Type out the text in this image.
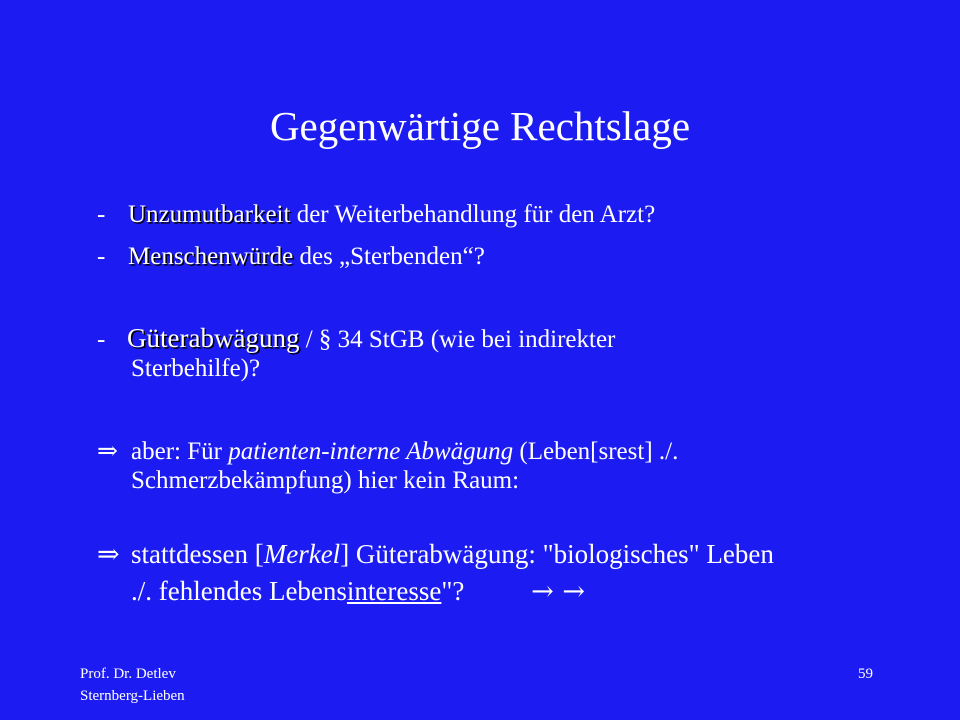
Gegenwärtige Rechtslage
- Unzumutbarkeit der Weiterbehandlung für den Arzt?
- Menschenwürde des „Sterbenden“?
- Güterabwägung / § 34 StGB (wie bei indirekter
Sterbehilfe)?
⇒ aber: Für patienten-interne Abwägung (Leben[srest] ./.
Schmerzbekämpfung) hier kein Raum:
⇒ stattdessen [Merkel] Güterabwägung: "biologisches" Leben
./. fehlendes Lebensinteresse"? → →
Prof. Dr. Detlev
Sternberg-Lieben
59
